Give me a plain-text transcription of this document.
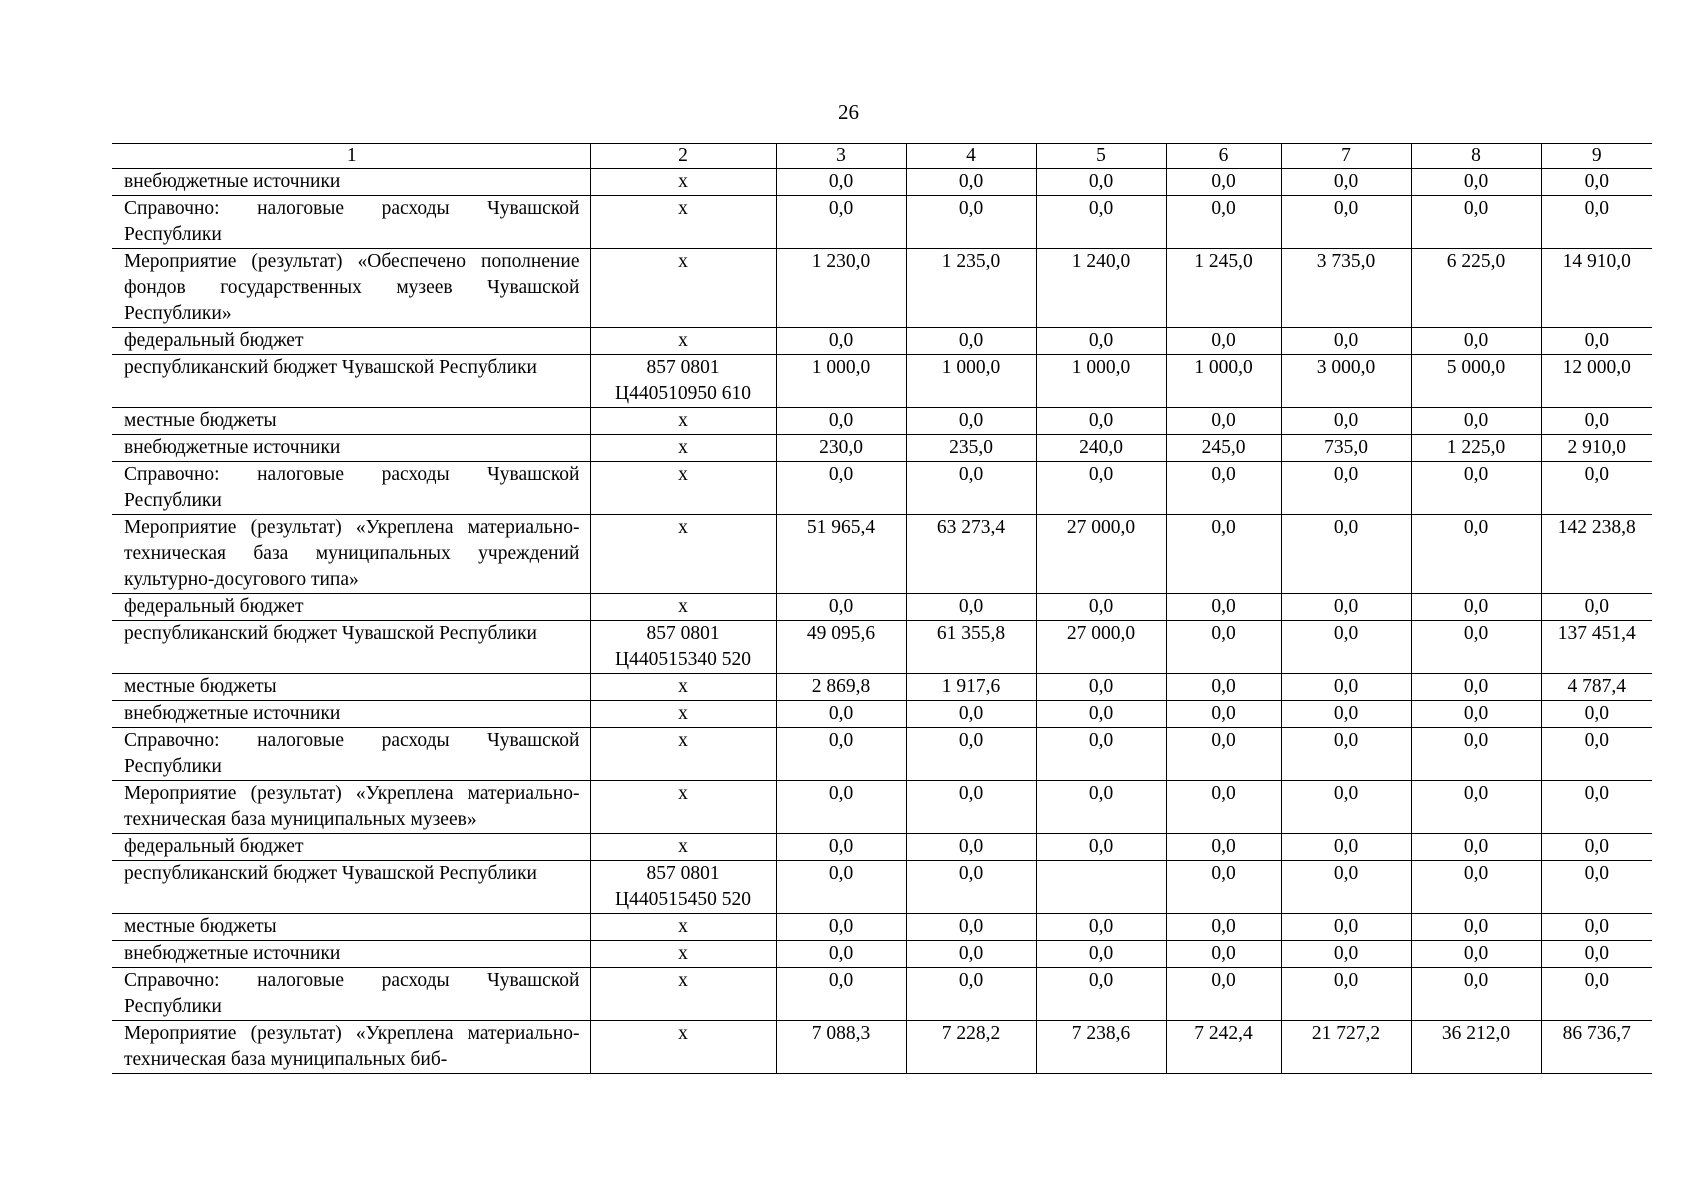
26
1	2	3	4	5	6	7	8	9
внебюджетные источники	х	0,0	0,0	0,0	0,0	0,0	0,0	0,0
Справочно: налоговые расходы Чувашской Республики	х	0,0	0,0	0,0	0,0	0,0	0,0	0,0
Мероприятие (результат) «Обеспечено пополнение фондов государственных музеев Чувашской Республики»	х	1 230,0	1 235,0	1 240,0	1 245,0	3 735,0	6 225,0	14 910,0
федеральный бюджет	х	0,0	0,0	0,0	0,0	0,0	0,0	0,0
республиканский бюджет Чувашской Республики	857 0801 Ц440510950 610	1 000,0	1 000,0	1 000,0	1 000,0	3 000,0	5 000,0	12 000,0
местные бюджеты	х	0,0	0,0	0,0	0,0	0,0	0,0	0,0
внебюджетные источники	х	230,0	235,0	240,0	245,0	735,0	1 225,0	2 910,0
Справочно: налоговые расходы Чувашской Республики	х	0,0	0,0	0,0	0,0	0,0	0,0	0,0
Мероприятие (результат) «Укреплена материально-техническая база муниципальных учреждений культурно-досугового типа»	х	51 965,4	63 273,4	27 000,0	0,0	0,0	0,0	142 238,8
федеральный бюджет	х	0,0	0,0	0,0	0,0	0,0	0,0	0,0
республиканский бюджет Чувашской Республики	857 0801 Ц440515340 520	49 095,6	61 355,8	27 000,0	0,0	0,0	0,0	137 451,4
местные бюджеты	х	2 869,8	1 917,6	0,0	0,0	0,0	0,0	4 787,4
внебюджетные источники	х	0,0	0,0	0,0	0,0	0,0	0,0	0,0
Справочно: налоговые расходы Чувашской Республики	х	0,0	0,0	0,0	0,0	0,0	0,0	0,0
Мероприятие (результат) «Укреплена материально-техническая база муниципальных музеев»	х	0,0	0,0	0,0	0,0	0,0	0,0	0,0
федеральный бюджет	х	0,0	0,0	0,0	0,0	0,0	0,0	0,0
республиканский бюджет Чувашской Республики	857 0801 Ц440515450 520	0,0	0,0		0,0	0,0	0,0	0,0
местные бюджеты	х	0,0	0,0	0,0	0,0	0,0	0,0	0,0
внебюджетные источники	х	0,0	0,0	0,0	0,0	0,0	0,0	0,0
Справочно: налоговые расходы Чувашской Республики	х	0,0	0,0	0,0	0,0	0,0	0,0	0,0
Мероприятие (результат) «Укреплена материально-техническая база муниципальных биб-	х	7 088,3	7 228,2	7 238,6	7 242,4	21 727,2	36 212,0	86 736,7
